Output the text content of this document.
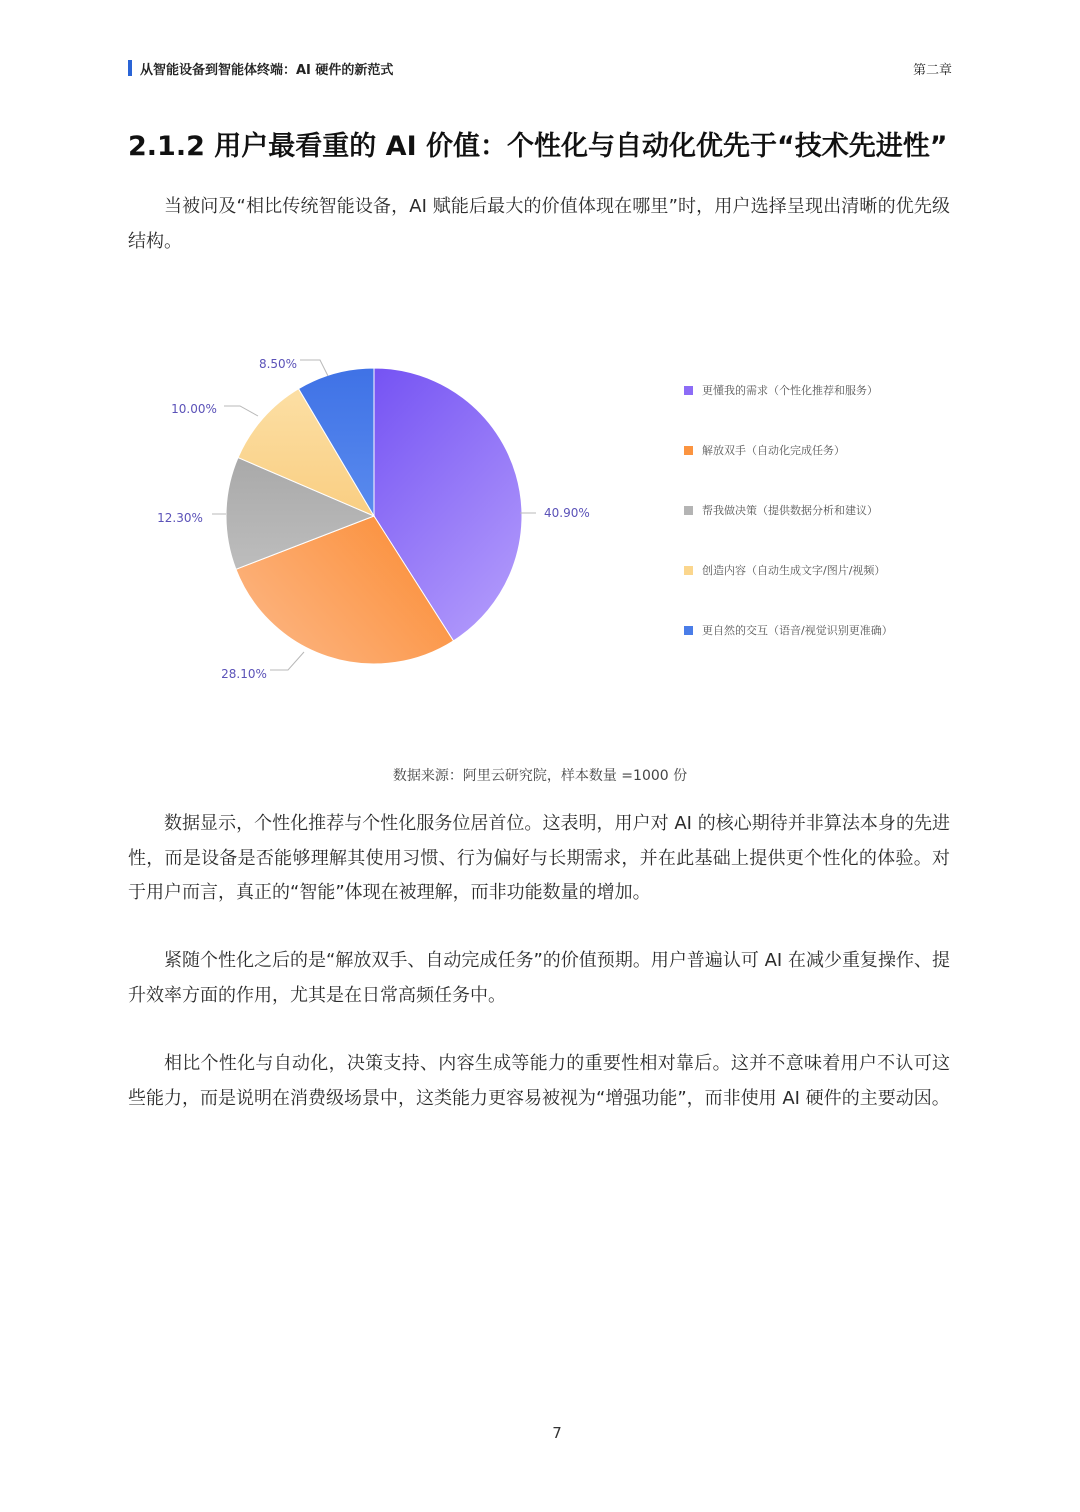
从智能设备到智能体终端：AI 硬件的新范式	第二章
2.1.2 用户最看重的 AI 价值：个性化与自动化优先于“技术先进性”

当被问及“相比传统智能设备，AI 赋能后最大的价值体现在哪里”时，用户选择呈现出清晰的优先级结构。

40.90%
28.10%
12.30%
10.00%
8.50%
更懂我的需求（个性化推荐和服务）
解放双手（自动化完成任务）
帮我做决策（提供数据分析和建议）
创造内容（自动生成文字/图片/视频）
更自然的交互（语音/视觉识别更准确）
数据来源：阿里云研究院，样本数量 =1000 份

数据显示，个性化推荐与个性化服务位居首位。这表明，用户对 AI 的核心期待并非算法本身的先进性，而是设备是否能够理解其使用习惯、行为偏好与长期需求，并在此基础上提供更个性化的体验。对于用户而言，真正的“智能”体现在被理解，而非功能数量的增加。

紧随个性化之后的是“解放双手、自动完成任务”的价值预期。用户普遍认可 AI 在减少重复操作、提升效率方面的作用，尤其是在日常高频任务中。

相比个性化与自动化，决策支持、内容生成等能力的重要性相对靠后。这并不意味着用户不认可这些能力，而是说明在消费级场景中，这类能力更容易被视为“增强功能”，而非使用 AI 硬件的主要动因。

7
